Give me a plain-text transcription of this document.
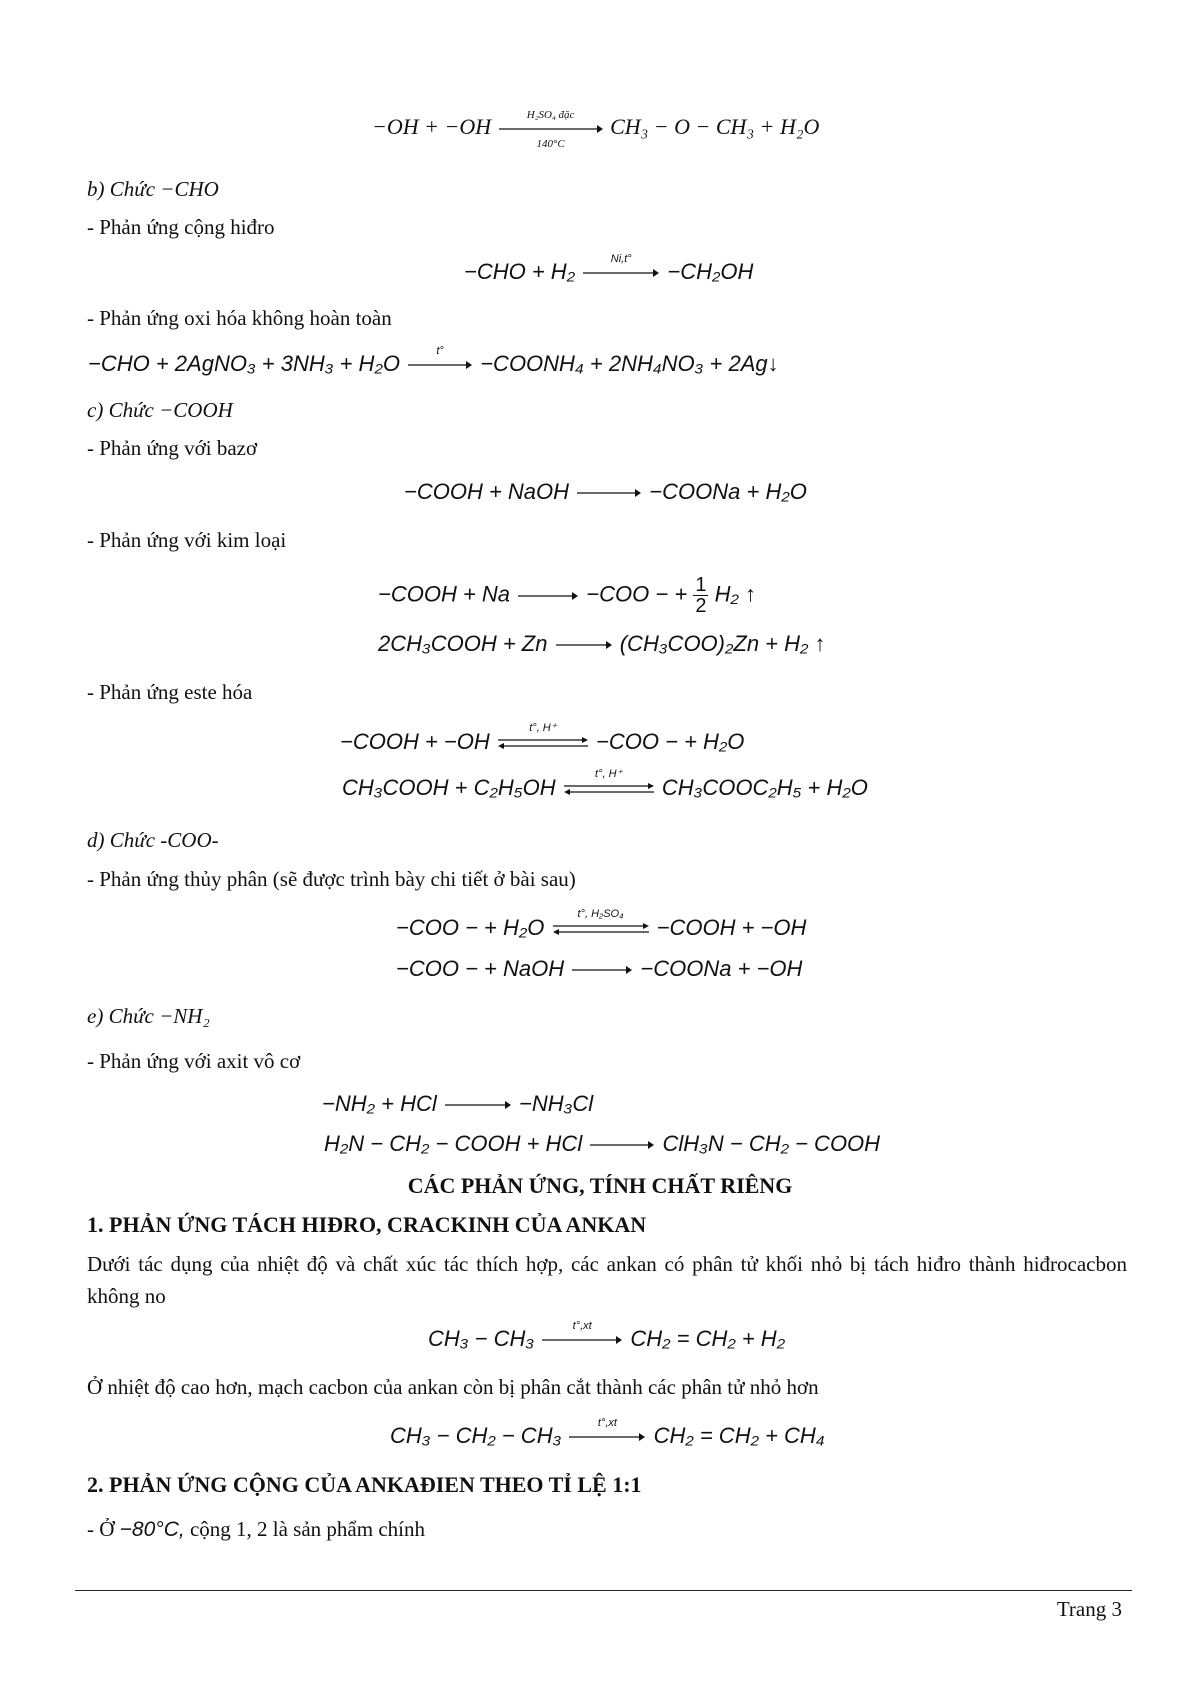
−OH + −OH	H₂SO₄ đặc
140°C
CH₃ − O − CH₃ + H₂O
b) Chức −CHO
- Phản ứng cộng hiđro
−CHO + H₂	Ni,t°	−CH₂OH
- Phản ứng oxi hóa không hoàn toàn
−CHO + 2AgNO₃ + 3NH₃ + H₂O	t°	−COONH₄ + 2NH₄NO₃ + 2Ag↓
c) Chức −COOH
- Phản ứng với bazơ
−COOH + NaOH → −COONa + H₂O
- Phản ứng với kim loại
−COOH + Na → −COO − + $\frac{1}{2} H_2$ ↑
2CH₃COOH + Zn → (CH₃COO)₂Zn + H₂ ↑
- Phản ứng este hóa
−COOH + −OH
t°, H⁺
−COO − + H₂O
CH₃COOH + C₂H₅OH
t°, H⁺
CH₃COOC₂H₅ + H₂O
d) Chức -COO-
- Phản ứng thủy phân (sẽ được trình bày chi tiết ở bài sau)
−COO − + H₂O
t°, H₂SO₄
−COOH + −OH
−COO − + NaOH → −COONa + −OH
e) Chức −NH₂
- Phản ứng với axit vô cơ
−NH₂ + HCl → −NH₃Cl
H₂N − CH₂ − COOH + HCl → ClH₃N − CH₂ − COOH
CÁC PHẢN ỨNG, TÍNH CHẤT RIÊNG
1. PHẢN ỨNG TÁCH HIĐRO, CRACKINH CỦA ANKAN
Dưới tác dụng của nhiệt độ và chất xúc tác thích hợp, các ankan có phân tử khối nhỏ bị tách hiđro thành hiđrocacbon không no
CH₃ − CH₃	t°,xt	CH₂ = CH₂ + H₂
Ở nhiệt độ cao hơn, mạch cacbon của ankan còn bị phân cắt thành các phân tử nhỏ hơn
CH₃ − CH₂ − CH₃	t°,xt	CH₂ = CH₂ + CH₄
2. PHẢN ỨNG CỘNG CỦA ANKAĐIEN THEO TỈ LỆ 1:1
- Ở −80°C, cộng 1, 2 là sản phẩm chính
Trang 3
